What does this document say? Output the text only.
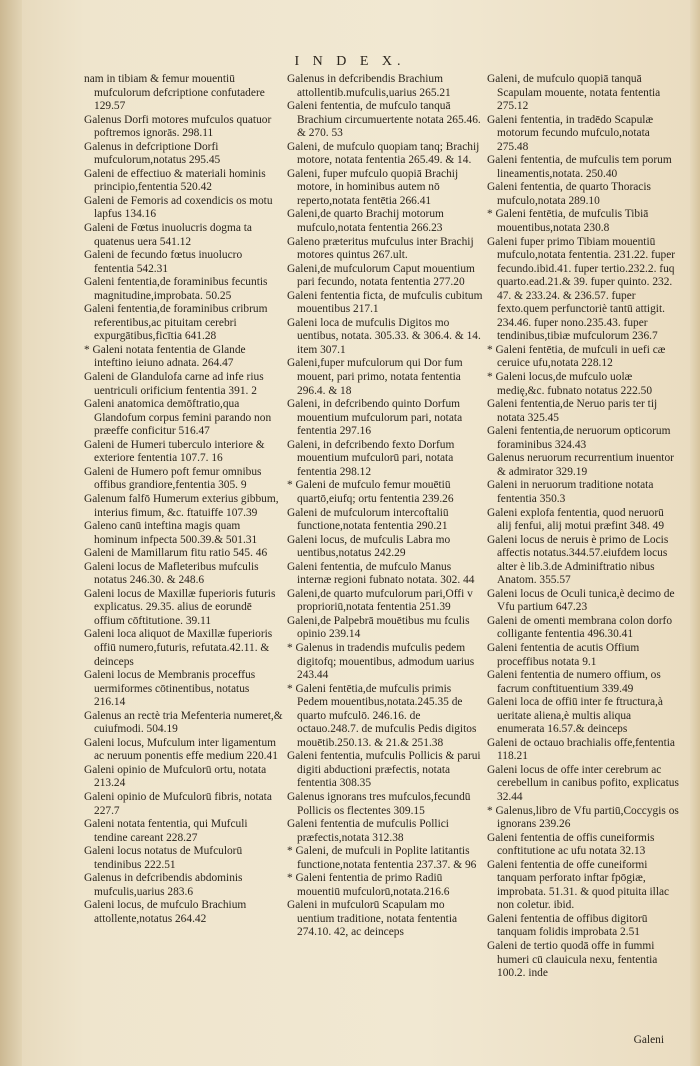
I N D E X.

nam in tibiam & femur mouentiū mufculorum defcriptione confutadere 129.57

Galenus Dorfi motores mufculos quatuor poftremos ignorās. 298.11

Galenus in defcriptione Dorfi mufculorum,notatus 295.45

Galeni de effectiuo & materiali hominis principio,fententia 520.42

Galeni de Femoris ad coxendicis os motu lapfus 134.16

Galeni de Fœtus inuolucris dogma ta quatenus uera 541.12

Galeni de fecundo fœtus inuolucro fententia 542.31

Galeni fententia,de foraminibus fecuntis magnitudine,improbata. 50.25

Galeni fententia,de foraminibus cribrum referentibus,ac pituitam cerebri expurgātibus,ficītia 641.28

* Galeni notata fententia de Glande inteftino ieiuno adnata. 264.47

Galeni de Glandulofa carne ad infe rius uentriculi orificium fententia 391. 2

Galeni anatomica demōftratio,qua Glandofum corpus femini parando non præeffe conficitur 516.47

Galeni de Humeri tuberculo interiore & exteriore fententia 107.7. 16

Galeni de Humero poft femur omnibus offibus grandiore,fententia 305. 9

Galenum falfō Humerum exterius gibbum, interius fimum, &c. ftatuiffe 107.39

Galeno canū inteftina magis quam hominum infpecta 500.39.& 501.31

Galeni de Mamillarum fitu ratio 545. 46

Galeni locus de Mafleteribus mufculis notatus 246.30. & 248.6

Galeni locus de Maxillæ fuperioris futuris explicatus. 29.35. alius de eorundē offium cōftitutione. 39.11

Galeni loca aliquot de Maxillæ fuperioris offiū numero,futuris, refutata.42.11. & deinceps

Galeni locus de Membranis proceffus uermiformes cōtinentibus, notatus 216.14

Galenus an rectè tria Mefenteria numeret,& cuiufmodi. 504.19

Galeni locus, Mufculum inter ligamentum ac neruum ponentis effe medium 220.41

Galeni opinio de Mufculorū ortu, notata 213.24

Galeni opinio de Mufculorū fibris, notata 227.7

Galeni notata fententia, qui Mufculi tendine careant 228.27

Galeni locus notatus de Mufculorū tendinibus 222.51

Galenus in defcribendis abdominis mufculis,uarius 283.6

Galeni locus, de mufculo Brachium attollente,notatus 264.42

Galenus in defcribendis Brachium attollentib.mufculis,uarius 265.21

Galeni fententia, de mufculo tanquā Brachium circumuertente notata 265.46. & 270. 53

Galeni, de mufculo quopiam tanq; Brachij motore, notata fententia 265.49. & 14.

Galeni, fuper mufculo quopiā Brachij motore, in hominibus autem nō reperto,notata fentētia 266.41

Galeni,de quarto Brachij motorum mufculo,notata fententia 266.23

Galeno præteritus mufculus inter Brachij motores quintus 267.ult.

Galeni,de mufculorum Caput mouentium pari fecundo, notata fententia 277.20

Galeni fententia ficta, de mufculis cubitum mouentibus 217.1

Galeni loca de mufculis Digitos mo uentibus, notata. 305.33. & 306.4. & 14. item 307.1

Galeni,fuper mufculorum qui Dor fum mouent, pari primo, notata fententia 296.4. & 18

Galeni, in defcribendo quinto Dorfum mouentium mufculorum pari, notata fententia 297.16

Galeni, in defcribendo fexto Dorfum mouentium mufculorū pari, notata fententia 298.12

* Galeni de mufculo femur mouētiū quartō,eiufq; ortu fententia 239.26

Galeni de mufculorum intercoftaliū functione,notata fententia 290.21

Galeni locus, de mufculis Labra mo uentibus,notatus 242.29

Galeni fententia, de mufculo Manus internæ regioni fubnato notata. 302. 44

Galeni,de quarto mufculorum pari,Offi v proprioriū,notata fententia 251.39

Galeni,de Palpebrā mouētibus mu fculis opinio 239.14

* Galenus in tradendis mufculis pedem digitofq; mouentibus, admodum uarius 243.44

* Galeni fentētia,de mufculis primis Pedem mouentibus,notata.245.35 de quarto mufculō. 246.16. de octauo.248.7. de mufculis Pedis digitos mouētib.250.13. & 21.& 251.38

Galeni fententia, mufculis Pollicis & parui digiti abductioni præfectis, notata fententia 308.35

Galenus ignorans tres mufculos,fecundū Pollicis os flectentes 309.15

Galeni fententia de mufculis Pollici præfectis,notata 312.38

* Galeni, de mufculi in Poplite latitantis functione,notata fententia 237.37. & 96

* Galeni fententia de primo Radiū mouentiū mufculorū,notata.216.6

Galeni in mufculorū Scapulam mo uentium traditione, notata fententia 274.10. 42, ac deinceps

Galeni, de mufculo quopiā tanquā Scapulam mouente, notata fententia 275.12

Galeni fententia, in tradēdo Scapulæ motorum fecundo mufculo,notata 275.48

Galeni fententia, de mufculis tem porum lineamentis,notata. 250.40

Galeni fententia, de quarto Thoracis mufculo,notata 289.10

* Galeni fentētia, de mufculis Tibiā mouentibus,notata 230.8

Galeni fuper primo Tibiam mouentiū mufculo,notata fententia. 231.22. fuper fecundo.ibid.41. fuper tertio.232.2. fuq quarto.ead.21.& 39. fuper quinto. 232. 47. & 233.24. & 236.57. fuper fexto.quem perfunctoriè tantū attigit. 234.46. fuper nono.235.43. fuper tendinibus,tibiæ mufculorum 236.7

* Galeni fentētia, de mufculi in uefi cæ ceruice ufu,notata 228.12

* Galeni locus,de mufculo uolæ medię,&c. fubnato notatus 222.50

Galeni fententia,de Neruo paris ter tij notata 325.45

Galeni fententia,de neruorum opticorum foraminibus 324.43

Galenus neruorum recurrentium inuentor & admirator 329.19

Galeni in neruorum traditione notata fententia 350.3

Galeni explofa fententia, quod neruorū alij fenfui, alij motui præfint 348. 49

Galeni locus de neruis è primo de Locis affectis notatus.344.57.eiufdem locus alter è lib.3.de Adminiftratio nibus Anatom. 355.57

Galeni locus de Oculi tunica,è decimo de Vfu partium 647.23

Galeni de omenti membrana colon dorfo colligante fententia 496.30.41

Galeni fententia de acutis Offium proceffibus notata 9.1

Galeni fententia de numero offium, os facrum conftituentium 339.49

Galeni loca de offiū inter fe ftructura,à ueritate aliena,è multis aliqua enumerata 16.57.& deinceps

Galeni de octauo brachialis offe,fententia 118.21

Galeni locus de offe inter cerebrum ac cerebellum in canibus pofito, explicatus 32.44

* Galenus,libro de Vfu partiū,Coccygis os ignorans 239.26

Galeni fententia de offis cuneiformis conftitutione ac ufu notata 32.13

Galeni fententia de offe cuneiformi tanquam perforato inftar fpōgiæ, improbata. 51.31. & quod pituita illac non coletur. ibid.

Galeni fententia de offibus digitorū tanquam folidis improbata 2.51

Galeni de tertio quodā offe in fummi humeri cū clauicula nexu, fententia 100.2. inde

Galeni
